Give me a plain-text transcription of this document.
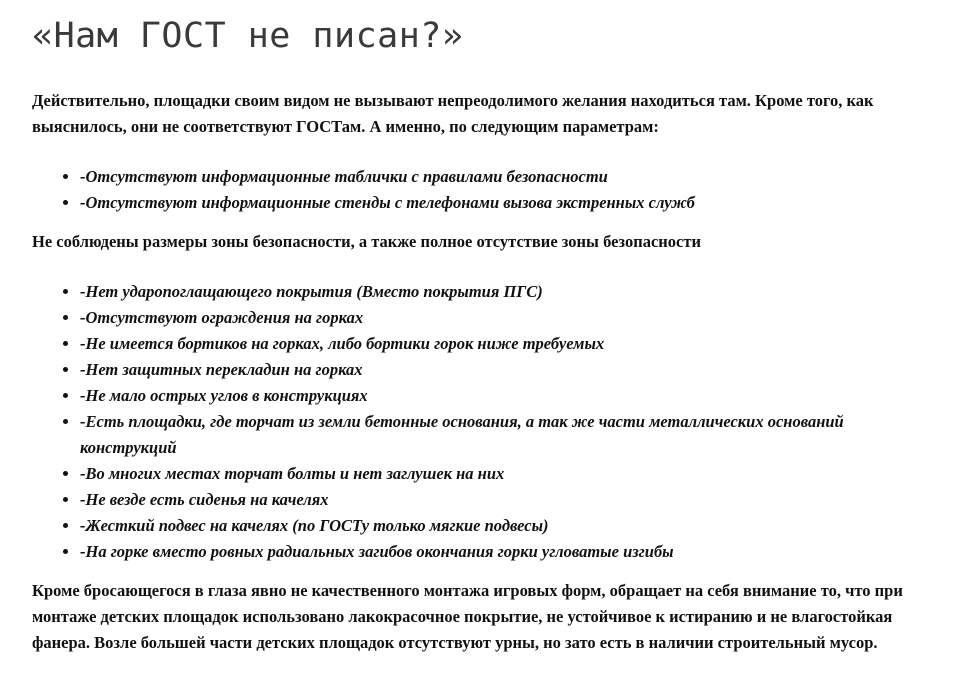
«Нам ГОСТ не писан?»

Действительно, площадки своим видом не вызывают непреодолимого желания находиться там. Кроме того, как выяснилось, они не соответствуют ГОСТам. А именно, по следующим параметрам:

• -Отсутствуют информационные таблички с правилами безопасности
• -Отсутствуют информационные стенды с телефонами вызова экстренных служб

Не соблюдены размеры зоны безопасности, а также полное отсутствие зоны безопасности

• -Нет ударопоглащающего покрытия (Вместо покрытия ПГС)
• -Отсутствуют ограждения на горках
• -Не имеется бортиков на горках, либо бортики горок ниже требуемых
• -Нет защитных перекладин на горках
• -Не мало острых углов в конструкциях
• -Есть площадки, где торчат из земли бетонные основания, а так же части металлических оснований конструкций
• -Во многих местах торчат болты и нет заглушек на них
• -Не везде есть сиденья на качелях
• -Жесткий подвес на качелях (по ГОСТу только мягкие подвесы)
• -На горке вместо ровных радиальных загибов окончания горки угловатые изгибы

Кроме бросающегося в глаза явно не качественного монтажа игровых форм, обращает на себя внимание то, что при монтаже детских площадок использовано лакокрасочное покрытие, не устойчивое к истиранию и не влагостойкая фанера. Возле большей части детских площадок отсутствуют урны, но зато есть в наличии строительный мусор.
